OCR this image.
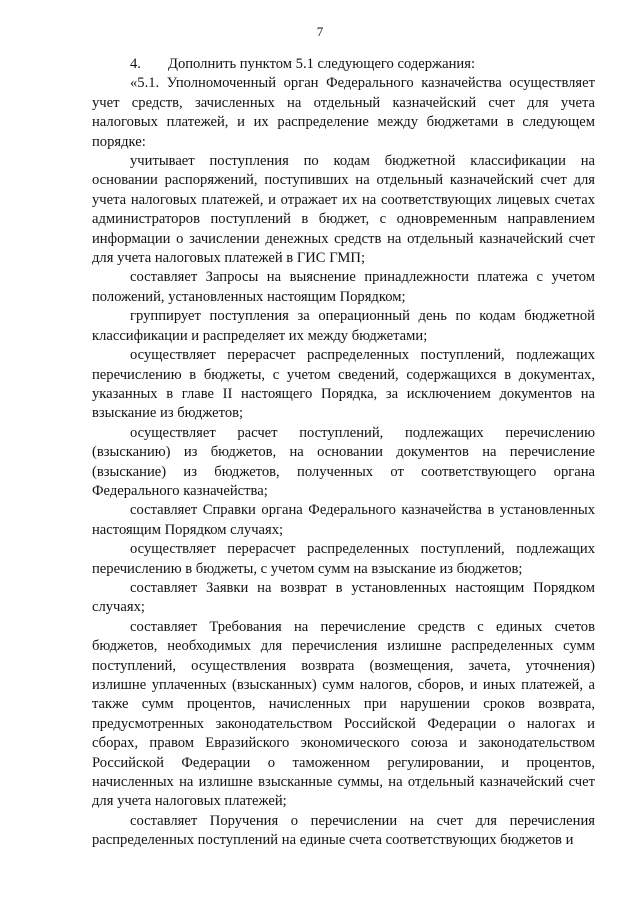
7

4. Дополнить пунктом 5.1 следующего содержания:

«5.1. Уполномоченный орган Федерального казначейства осуществляет учет средств, зачисленных на отдельный казначейский счет для учета налоговых платежей, и их распределение между бюджетами в следующем порядке:

учитывает поступления по кодам бюджетной классификации на основании распоряжений, поступивших на отдельный казначейский счет для учета налоговых платежей, и отражает их на соответствующих лицевых счетах администраторов поступлений в бюджет, с одновременным направлением информации о зачислении денежных средств на отдельный казначейский счет для учета налоговых платежей в ГИС ГМП;

составляет Запросы на выяснение принадлежности платежа с учетом положений, установленных настоящим Порядком;

группирует поступления за операционный день по кодам бюджетной классификации и распределяет их между бюджетами;

осуществляет перерасчет распределенных поступлений, подлежащих перечислению в бюджеты, с учетом сведений, содержащихся в документах, указанных в главе II настоящего Порядка, за исключением документов на взыскание из бюджетов;

осуществляет расчет поступлений, подлежащих перечислению (взысканию) из бюджетов, на основании документов на перечисление (взыскание) из бюджетов, полученных от соответствующего органа Федерального казначейства;

составляет Справки органа Федерального казначейства в установленных настоящим Порядком случаях;

осуществляет перерасчет распределенных поступлений, подлежащих перечислению в бюджеты, с учетом сумм на взыскание из бюджетов;

составляет Заявки на возврат в установленных настоящим Порядком случаях;

составляет Требования на перечисление средств с единых счетов бюджетов, необходимых для перечисления излишне распределенных сумм поступлений, осуществления возврата (возмещения, зачета, уточнения) излишне уплаченных (взысканных) сумм налогов, сборов, и иных платежей, а также сумм процентов, начисленных при нарушении сроков возврата, предусмотренных законодательством Российской Федерации о налогах и сборах, правом Евразийского экономического союза и законодательством Российской Федерации о таможенном регулировании, и процентов, начисленных на излишне взысканные суммы, на отдельный казначейский счет для учета налоговых платежей;

составляет Поручения о перечислении на счет для перечисления распределенных поступлений на единые счета соответствующих бюджетов и
